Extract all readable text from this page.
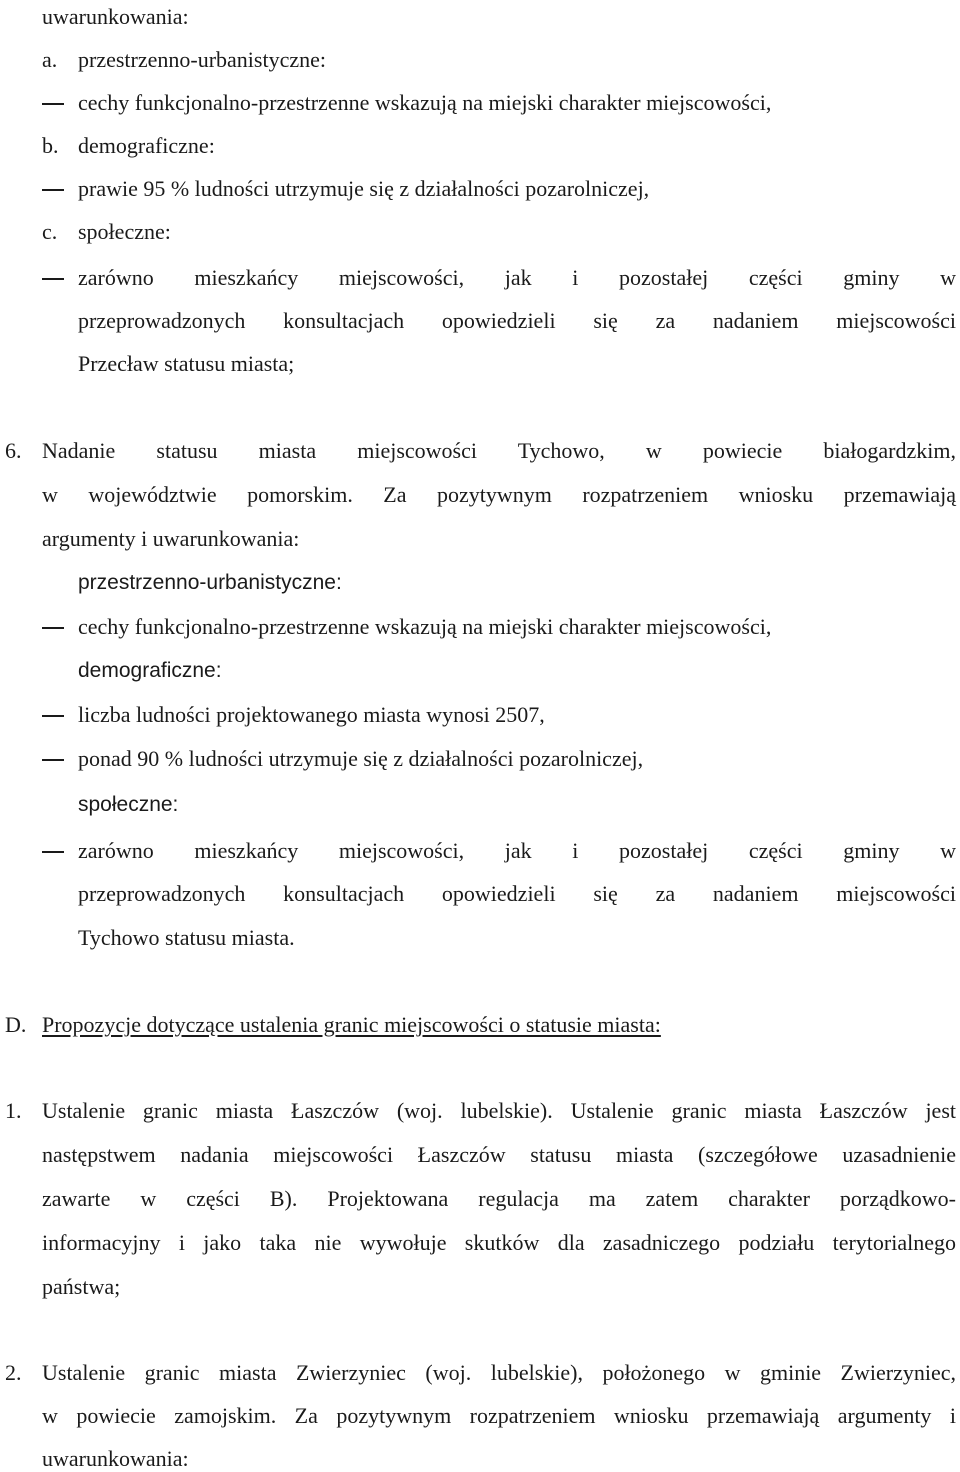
uwarunkowania:
a. przestrzenno-urbanistyczne:
cechy funkcjonalno-przestrzenne wskazują na miejski charakter miejscowości,
b. demograficzne:
prawie 95 % ludności utrzymuje się z działalności pozarolniczej,
c. społeczne:
zarówno mieszkańcy miejscowości, jak i pozostałej części gminy w
przeprowadzonych konsultacjach opowiedzieli się za nadaniem miejscowości
Przecław statusu miasta;
6. Nadanie statusu miasta miejscowości Tychowo, w powiecie białogardzkim,
w województwie pomorskim. Za pozytywnym rozpatrzeniem wniosku przemawiają
argumenty i uwarunkowania:
przestrzenno-urbanistyczne:
cechy funkcjonalno-przestrzenne wskazują na miejski charakter miejscowości,
demograficzne:
liczba ludności projektowanego miasta wynosi 2507,
ponad 90 % ludności utrzymuje się z działalności pozarolniczej,
społeczne:
zarówno mieszkańcy miejscowości, jak i pozostałej części gminy w
przeprowadzonych konsultacjach opowiedzieli się za nadaniem miejscowości
Tychowo statusu miasta.
D. Propozycje dotyczące ustalenia granic miejscowości o statusie miasta:
1. Ustalenie granic miasta Łaszczów (woj. lubelskie). Ustalenie granic miasta Łaszczów jest
następstwem nadania miejscowości Łaszczów statusu miasta (szczegółowe uzasadnienie
zawarte w części B). Projektowana regulacja ma zatem charakter porządkowo-
informacyjny i jako taka nie wywołuje skutków dla zasadniczego podziału terytorialnego
państwa;
2. Ustalenie granic miasta Zwierzyniec (woj. lubelskie), położonego w gminie Zwierzyniec,
w powiecie zamojskim. Za pozytywnym rozpatrzeniem wniosku przemawiają argumenty i
uwarunkowania:
